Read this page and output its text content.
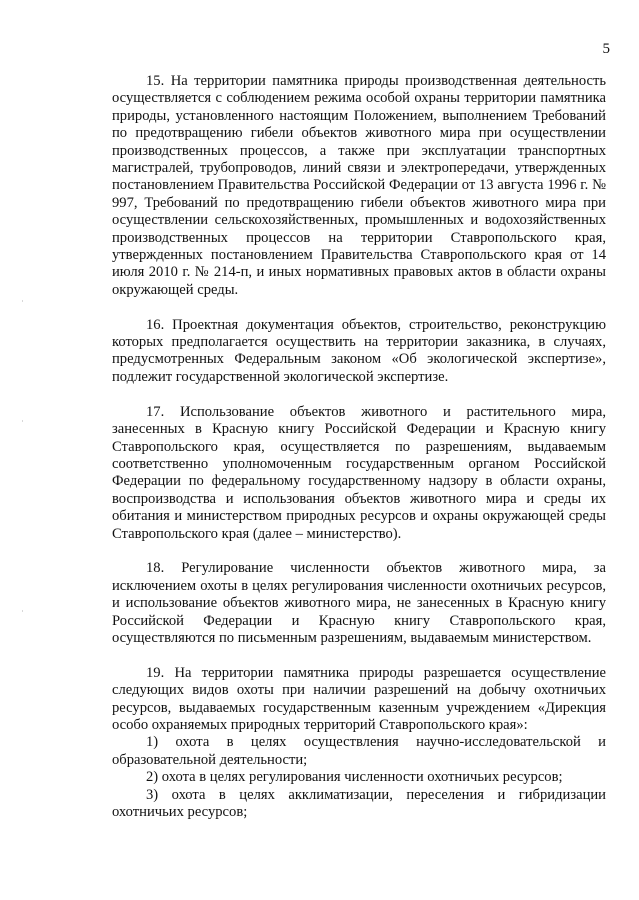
5

15. На территории памятника природы производственная деятельность осуществляется с соблюдением режима особой охраны территории памятника природы, установленного настоящим Положением, выполнением Требований по предотвращению гибели объектов животного мира при осуществлении производственных процессов, а также при эксплуатации транспортных магистралей, трубопроводов, линий связи и электропередачи, утвержденных постановлением Правительства Российской Федерации от 13 августа 1996 г. № 997, Требований по предотвращению гибели объектов животного мира при осуществлении сельскохозяйственных, промышленных и водохозяйственных производственных процессов на территории Ставропольского края, утвержденных постановлением Правительства Ставропольского края от 14 июля 2010 г. № 214-п, и иных нормативных правовых актов в области охраны окружающей среды.

16. Проектная документация объектов, строительство, реконструкцию которых предполагается осуществить на территории заказника, в случаях, предусмотренных Федеральным законом «Об экологической экспертизе», подлежит государственной экологической экспертизе.

17. Использование объектов животного и растительного мира, занесенных в Красную книгу Российской Федерации и Красную книгу Ставропольского края, осуществляется по разрешениям, выдаваемым соответственно уполномоченным государственным органом Российской Федерации по федеральному государственному надзору в области охраны, воспроизводства и использования объектов животного мира и среды их обитания и министерством природных ресурсов и охраны окружающей среды Ставропольского края (далее – министерство).

18. Регулирование численности объектов животного мира, за исключением охоты в целях регулирования численности охотничьих ресурсов, и использование объектов животного мира, не занесенных в Красную книгу Российской Федерации и Красную книгу Ставропольского края, осуществляются по письменным разрешениям, выдаваемым министерством.

19. На территории памятника природы разрешается осуществление следующих видов охоты при наличии разрешений на добычу охотничьих ресурсов, выдаваемых государственным казенным учреждением «Дирекция особо охраняемых природных территорий Ставропольского края»:

1) охота в целях осуществления научно-исследовательской и образовательной деятельности;

2) охота в целях регулирования численности охотничьих ресурсов;

3) охота в целях акклиматизации, переселения и гибридизации охотничьих ресурсов;
